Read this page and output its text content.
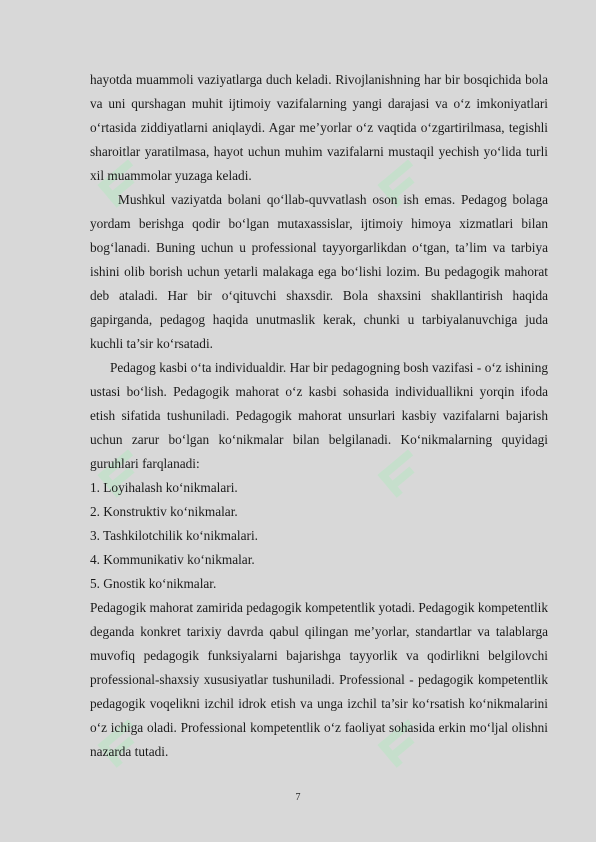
hayotda muammoli vaziyatlarga duch keladi. Rivojlanishning har bir bosqichida bola va uni qurshagan muhit ijtimoiy vazifalarning yangi darajasi va o‘z imkoniyatlari o‘rtasida ziddiyatlarni aniqlaydi. Agar me’yorlar o‘z vaqtida o‘zgartirilmasa, tegishli sharoitlar yaratilmasa, hayot uchun muhim vazifalarni mustaqil yechish yo‘lida turli xil muammolar yuzaga keladi.

Mushkul vaziyatda bolani qo‘llab-quvvatlash oson ish emas. Pedagog bolaga yordam berishga qodir bo‘lgan mutaxassislar, ijtimoiy himoya xizmatlari bilan bog‘lanadi. Buning uchun u professional tayyorgarlikdan o‘tgan, ta’lim va tarbiya ishini olib borish uchun yetarli malakaga ega bo‘lishi lozim. Bu pedagogik mahorat deb ataladi. Har bir o‘qituvchi shaxsdir. Bola shaxsini shakllantirish haqida gapirganda, pedagog haqida unutmaslik kerak, chunki u tarbiyalanuvchiga juda kuchli ta’sir ko‘rsatadi.

Pedagog kasbi o‘ta individualdir. Har bir pedagogning bosh vazifasi - o‘z ishining ustasi bo‘lish. Pedagogik mahorat o‘z kasbi sohasida individuallikni yorqin ifoda etish sifatida tushuniladi. Pedagogik mahorat unsurlari kasbiy vazifalarni bajarish uchun zarur bo‘lgan ko‘nikmalar bilan belgilanadi. Ko‘nikmalarning quyidagi guruhlari farqlanadi:

1. Loyihalash ko‘nikmalari.

2. Konstruktiv ko‘nikmalar.

3. Tashkilotchilik ko‘nikmalari.

4. Kommunikativ ko‘nikmalar.

5. Gnostik ko‘nikmalar.

Pedagogik mahorat zamirida pedagogik kompetentlik yotadi. Pedagogik kompetentlik deganda konkret tarixiy davrda qabul qilingan me’yorlar, standartlar va talablarga muvofiq pedagogik funksiyalarni bajarishga tayyorlik va qodirlikni belgilovchi professional-shaxsiy xususiyatlar tushuniladi. Professional - pedagogik kompetentlik pedagogik voqelikni izchil idrok etish va unga izchil ta’sir ko‘rsatish ko‘nikmalarini o‘z ichiga oladi. Professional kompetentlik o‘z faoliyat sohasida erkin mo‘ljal olishni nazarda tutadi.

7
